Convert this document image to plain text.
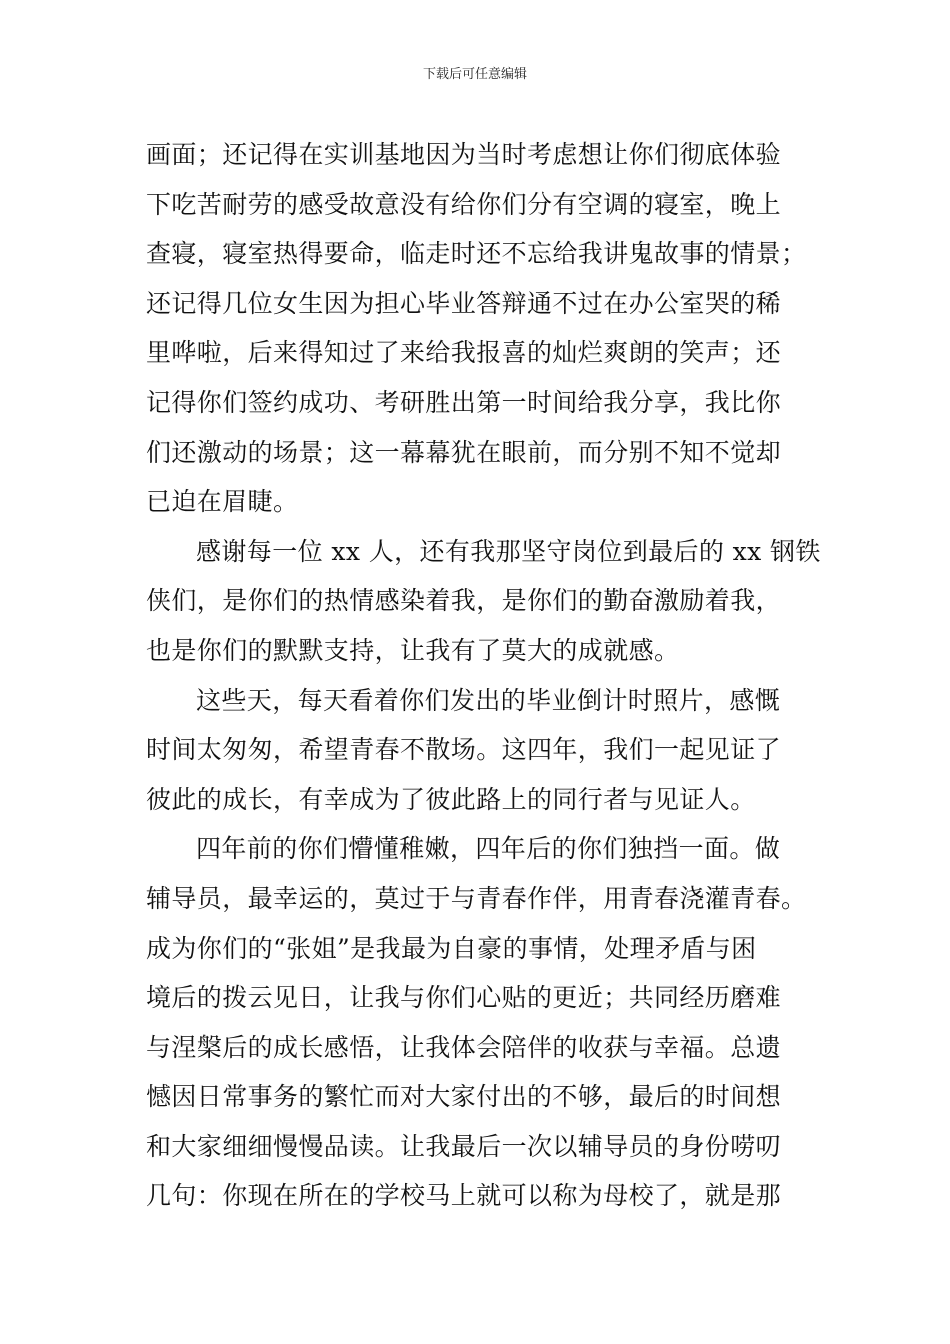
下载后可任意编辑
画面；还记得在实训基地因为当时考虑想让你们彻底体验
下吃苦耐劳的感受故意没有给你们分有空调的寝室，晚上
查寝，寝室热得要命，临走时还不忘给我讲鬼故事的情景；
还记得几位女生因为担心毕业答辩通不过在办公室哭的稀
里哗啦，后来得知过了来给我报喜的灿烂爽朗的笑声；还
记得你们签约成功、考研胜出第一时间给我分享，我比你
们还激动的场景；这一幕幕犹在眼前，而分别不知不觉却
已迫在眉睫。
感谢每一位 xx 人，还有我那坚守岗位到最后的 xx 钢铁
侠们，是你们的热情感染着我，是你们的勤奋激励着我，
也是你们的默默支持，让我有了莫大的成就感。
这些天，每天看着你们发出的毕业倒计时照片，感慨
时间太匆匆，希望青春不散场。这四年，我们一起见证了
彼此的成长，有幸成为了彼此路上的同行者与见证人。
四年前的你们懵懂稚嫩，四年后的你们独挡一面。做
辅导员，最幸运的，莫过于与青春作伴，用青春浇灌青春。
成为你们的“张姐”是我最为自豪的事情，处理矛盾与困
境后的拨云见日，让我与你们心贴的更近；共同经历磨难
与涅槃后的成长感悟，让我体会陪伴的收获与幸福。总遗
憾因日常事务的繁忙而对大家付出的不够，最后的时间想
和大家细细慢慢品读。让我最后一次以辅导员的身份唠叨
几句：你现在所在的学校马上就可以称为母校了，就是那
